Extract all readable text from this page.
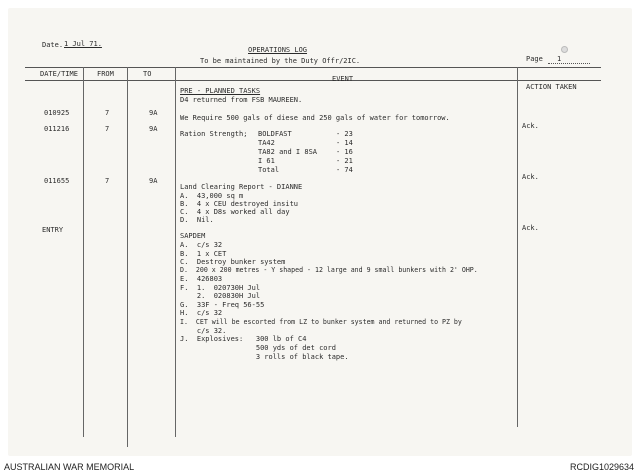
Date. 1 Jul 71.
OPERATIONS LOG
To be maintained by the Duty Offr/2IC.	Page 1
DATE/TIME	FROM	TO
EVENT
ACTION TAKEN
PRE - PLANNED TASKS
D4 returned from FSB MAUREEN.
010925	7	9A
We Require 500 gals of diese and 250 gals of water for tomorrow.
Ack.
011216	7	9A
Ration Strength; BOLDFAST	- 23
TA42	- 14
TA82 and I 8SA	- 16
I 61	- 21
Total	- 74
Ack.
011655	7	9A
Land Clearing Report - DIANNE
A.  43,000 sq m
B.  4 x CEU destroyed insitu
C.  4 x D8s worked all day
D.  Nil.
ENTRY	Ack.
SAPDEM
A.  c/s 32
B.  1 x CET
C.  Destroy bunker system
D.  200 x 200 metres - Y shaped - 12 large and 9 small bunkers with 2' OHP.
E.  426803
F.  1.  020730H Jul
2.  020830H Jul
G.  33F - Freq 56-55
H.  c/s 32
I.  CET will be escorted from LZ to bunker system and returned to PZ by
c/s 32.
J.  Explosives:   300 lb of C4
500 yds of det cord
3 rolls of black tape.
AUSTRALIAN WAR MEMORIAL	RCDIG1029634
